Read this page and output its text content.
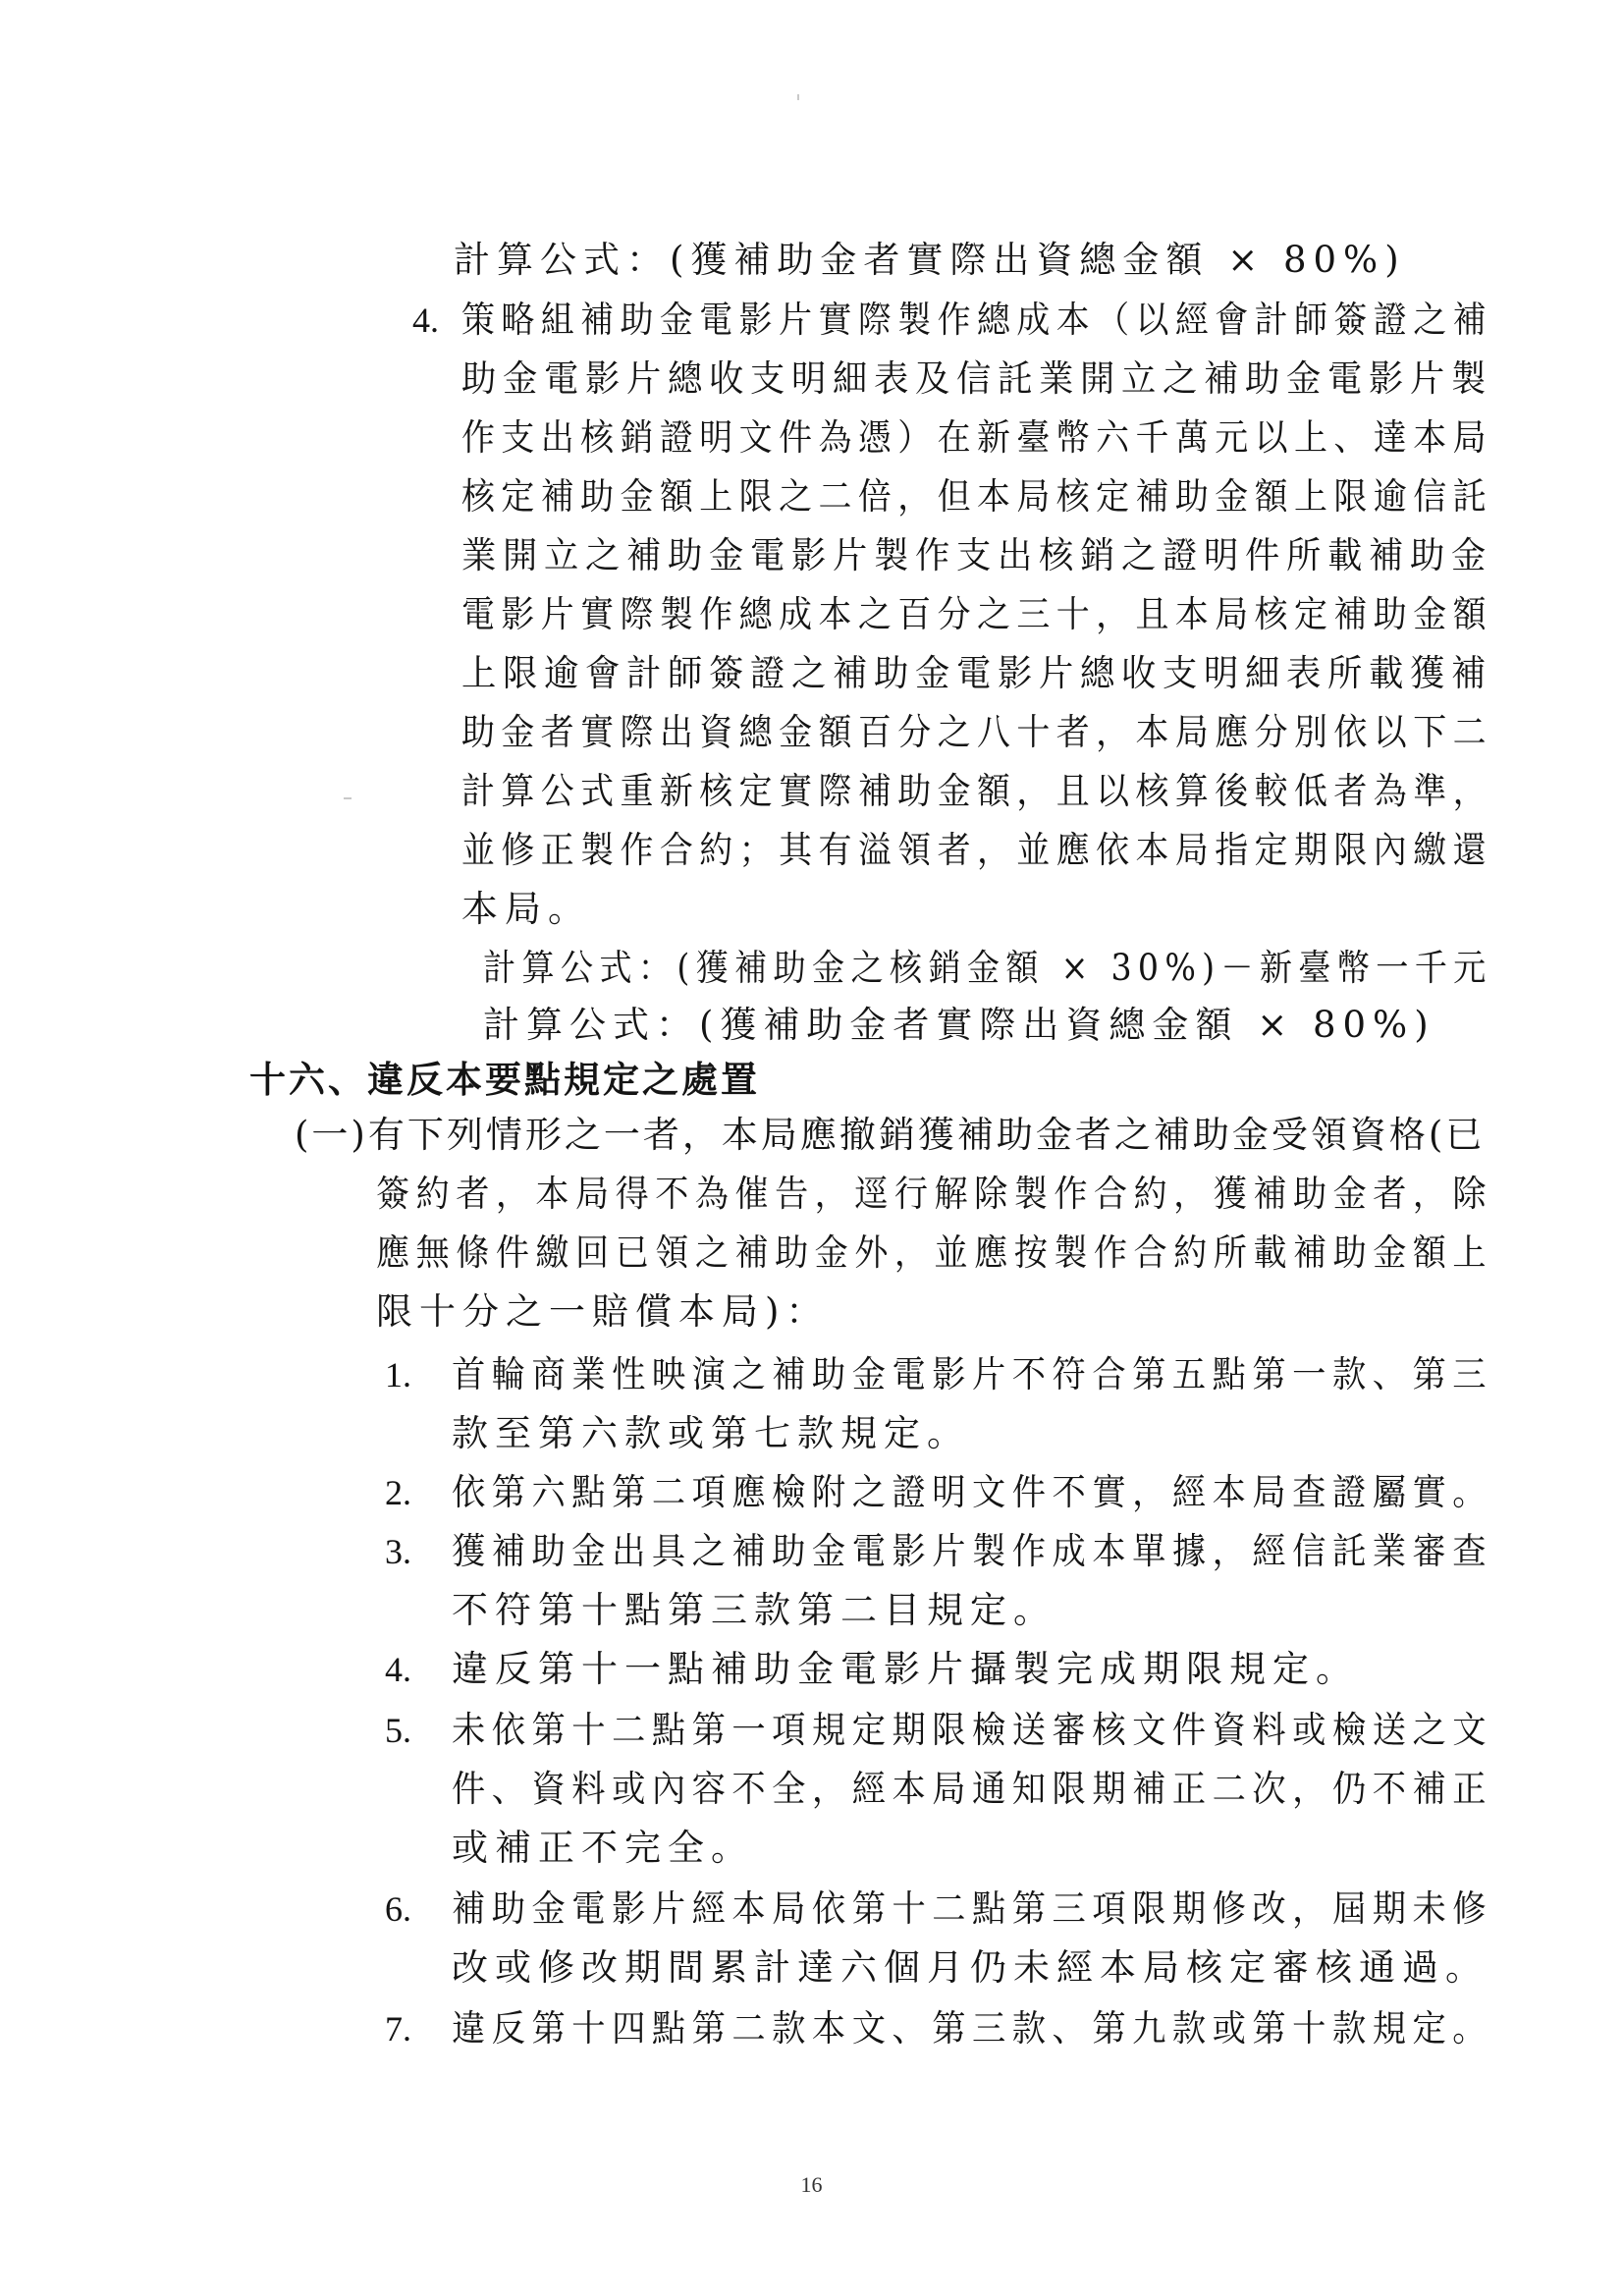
計算公式：(獲補助金者實際出資總金額 × 80%)
4. 策略組補助金電影片實際製作總成本（以經會計師簽證之補
助金電影片總收支明細表及信託業開立之補助金電影片製
作支出核銷證明文件為憑）在新臺幣六千萬元以上、達本局
核定補助金額上限之二倍，但本局核定補助金額上限逾信託
業開立之補助金電影片製作支出核銷之證明件所載補助金
電影片實際製作總成本之百分之三十，且本局核定補助金額
上限逾會計師簽證之補助金電影片總收支明細表所載獲補
助金者實際出資總金額百分之八十者，本局應分別依以下二
計算公式重新核定實際補助金額，且以核算後較低者為準，
並修正製作合約；其有溢領者，並應依本局指定期限內繳還
本局。
計算公式：(獲補助金之核銷金額 × 30%)－新臺幣一千元
計算公式：(獲補助金者實際出資總金額 × 80%)
十六、違反本要點規定之處置
(一)有下列情形之一者，本局應撤銷獲補助金者之補助金受領資格(已
簽約者，本局得不為催告，逕行解除製作合約，獲補助金者，除
應無條件繳回已領之補助金外，並應按製作合約所載補助金額上
限十分之一賠償本局)：
1. 首輪商業性映演之補助金電影片不符合第五點第一款、第三
款至第六款或第七款規定。
2. 依第六點第二項應檢附之證明文件不實，經本局查證屬實。
3. 獲補助金出具之補助金電影片製作成本單據，經信託業審查
不符第十點第三款第二目規定。
4. 違反第十一點補助金電影片攝製完成期限規定。
5. 未依第十二點第一項規定期限檢送審核文件資料或檢送之文
件、資料或內容不全，經本局通知限期補正二次，仍不補正
或補正不完全。
6. 補助金電影片經本局依第十二點第三項限期修改，屆期未修
改或修改期間累計達六個月仍未經本局核定審核通過。
7. 違反第十四點第二款本文、第三款、第九款或第十款規定。
16
